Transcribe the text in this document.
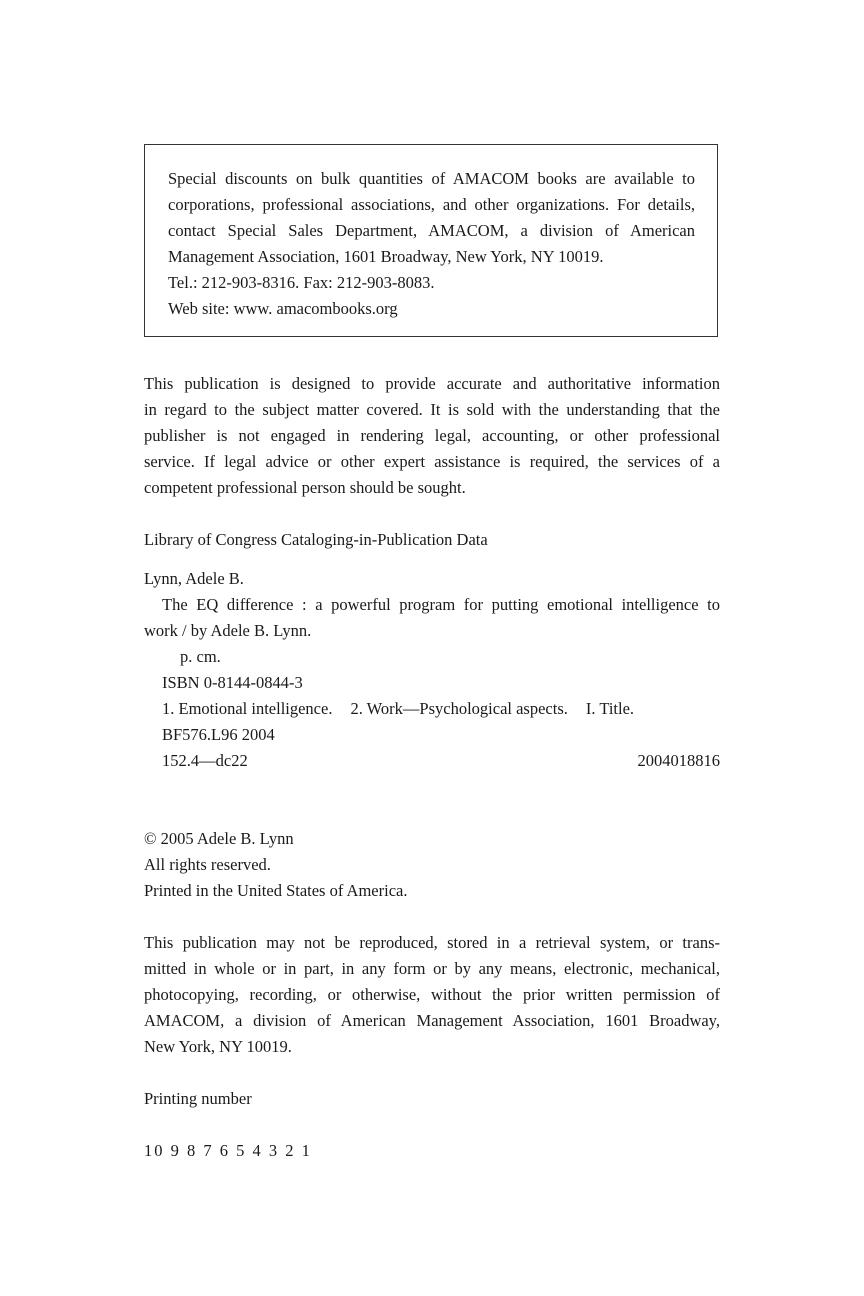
Special discounts on bulk quantities of AMACOM books are available to
corporations, professional associations, and other organizations. For details,
contact Special Sales Department, AMACOM, a division of American
Management Association, 1601 Broadway, New York, NY 10019.
Tel.: 212-903-8316. Fax: 212-903-8083.
Web site: www. amacombooks.org
This publication is designed to provide accurate and authoritative information
in regard to the subject matter covered. It is sold with the understanding that the
publisher is not engaged in rendering legal, accounting, or other professional
service. If legal advice or other expert assistance is required, the services of a
competent professional person should be sought.
Library of Congress Cataloging-in-Publication Data
Lynn, Adele B.
The EQ difference : a powerful program for putting emotional intelligence to
work / by Adele B. Lynn.
p. cm.
ISBN 0-8144-0844-3
1. Emotional intelligence. 2. Work—Psychological aspects. I. Title.
BF576.L96 2004
152.4—dc22	2004018816
© 2005 Adele B. Lynn
All rights reserved.
Printed in the United States of America.
This publication may not be reproduced, stored in a retrieval system, or trans-
mitted in whole or in part, in any form or by any means, electronic, mechanical,
photocopying, recording, or otherwise, without the prior written permission of
AMACOM, a division of American Management Association, 1601 Broadway,
New York, NY 10019.
Printing number
10 9 8 7 6 5 4 3 2 1
